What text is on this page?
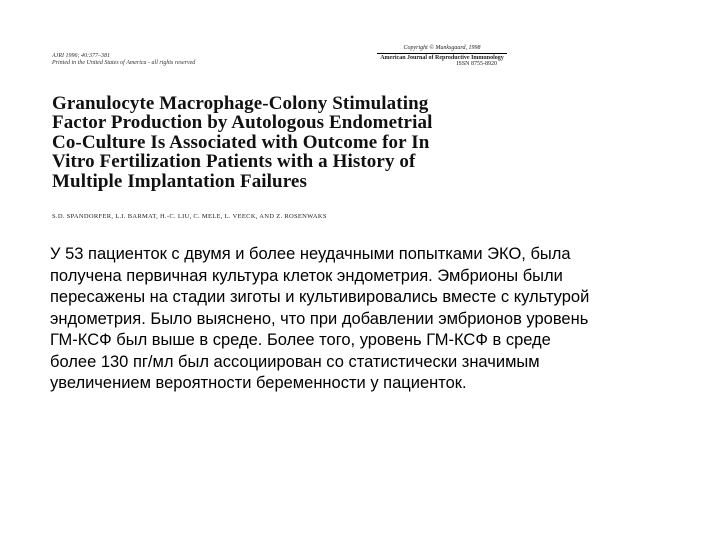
AJRI 1996; 40:377–381
Printed in the United States of America - all rights reserved
Copyright © Munksgaard, 1998
American Journal of Reproductive Immunology
ISSN 8755-8920
Granulocyte Macrophage-Colony Stimulating
Factor Production by Autologous Endometrial
Co-Culture Is Associated with Outcome for In
Vitro Fertilization Patients with a History of
Multiple Implantation Failures
S.D. SPANDORFER, L.I. BARMAT, H.-C. LIU, C. MELE, L. VEECK, AND Z. ROSENWAKS

У 53 пациенток с двумя и более неудачными попытками ЭКО, была
получена первичная культура клеток эндометрия. Эмбрионы были
пересажены на стадии зиготы и культивировались вместе с культурой
эндометрия. Было выяснено, что при добавлении эмбрионов уровень
ГМ-КСФ был выше в среде. Более того, уровень ГМ-КСФ в среде
более 130 пг/мл был ассоциирован со статистически значимым
увеличением вероятности беременности у пациенток.
